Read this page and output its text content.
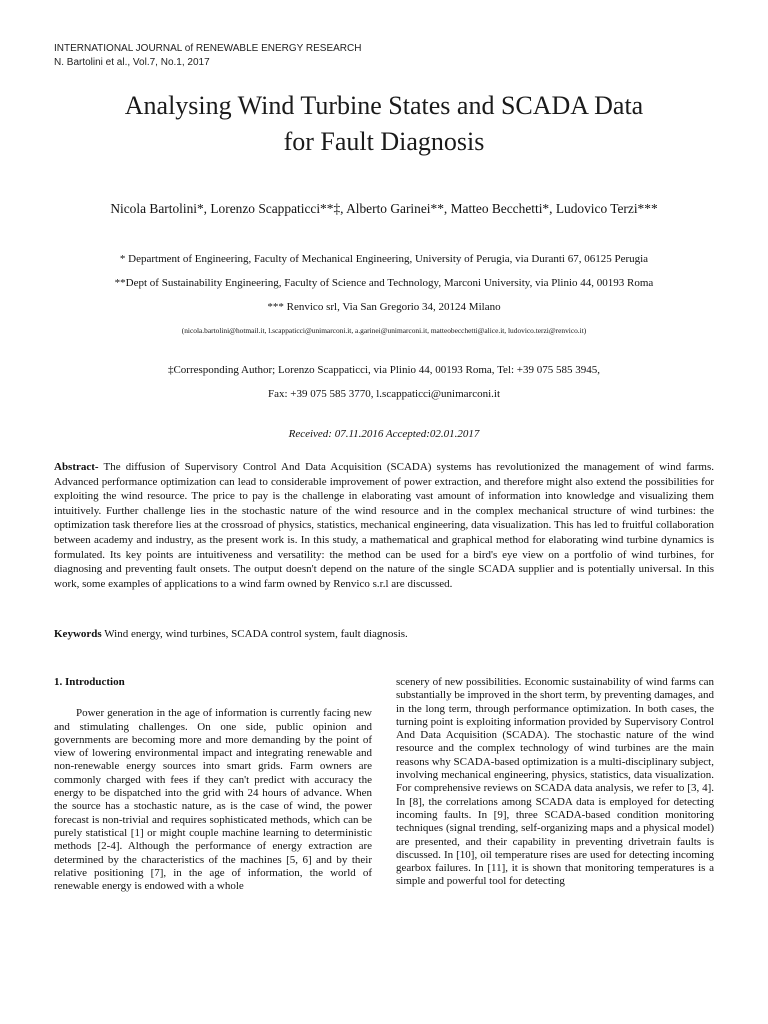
INTERNATIONAL JOURNAL of RENEWABLE ENERGY RESEARCH
N. Bartolini et al., Vol.7, No.1, 2017
Analysing Wind Turbine States and SCADA Data
for Fault Diagnosis
Nicola Bartolini*, Lorenzo Scappaticci**‡, Alberto Garinei**, Matteo Becchetti*, Ludovico Terzi***
* Department of Engineering, Faculty of Mechanical Engineering, University of Perugia, via Duranti 67, 06125 Perugia
**Dept of Sustainability Engineering, Faculty of Science and Technology, Marconi University, via Plinio 44, 00193 Roma
*** Renvico srl, Via San Gregorio 34, 20124 Milano
(nicola.bartolini@hotmail.it, l.scappaticci@unimarconi.it, a.garinei@unimarconi.it, matteobecchetti@alice.it, ludovico.terzi@renvico.it)
‡Corresponding Author; Lorenzo Scappaticci, via Plinio 44, 00193 Roma, Tel: +39 075 585 3945,
Fax: +39 075 585 3770, l.scappaticci@unimarconi.it
Received: 07.11.2016 Accepted:02.01.2017

Abstract- The diffusion of Supervisory Control And Data Acquisition (SCADA) systems has revolutionized the management of wind farms. Advanced performance optimization can lead to considerable improvement of power extraction, and therefore might also extend the possibilities for exploiting the wind resource. The price to pay is the challenge in elaborating vast amount of information into knowledge and visualizing them intuitively. Further challenge lies in the stochastic nature of the wind resource and in the complex mechanical structure of wind turbines: the optimization task therefore lies at the crossroad of physics, statistics, mechanical engineering, data visualization. This has led to fruitful collaboration between academy and industry, as the present work is. In this study, a mathematical and graphical method for elaborating wind turbine dynamics is formulated. Its key points are intuitiveness and versatility: the method can be used for a bird's eye view on a portfolio of wind turbines, for diagnosing and preventing fault onsets. The output doesn't depend on the nature of the single SCADA supplier and is potentially universal. In this work, some examples of applications to a wind farm owned by Renvico s.r.l are discussed.

Keywords Wind energy, wind turbines, SCADA control system, fault diagnosis.

1. Introduction

Power generation in the age of information is currently facing new and stimulating challenges. On one side, public opinion and governments are becoming more and more demanding by the point of view of lowering environmental impact and integrating renewable and non-renewable energy sources into smart grids. Farm owners are commonly charged with fees if they can't predict with accuracy the energy to be dispatched into the grid with 24 hours of advance. When the source has a stochastic nature, as is the case of wind, the power forecast is non-trivial and requires sophisticated methods, which can be purely statistical [1] or might couple machine learning to deterministic methods [2-4]. Although the performance of energy extraction are determined by the characteristics of the machines [5, 6] and by their relative positioning [7], in the age of information, the world of renewable energy is endowed with a whole

scenery of new possibilities. Economic sustainability of wind farms can substantially be improved in the short term, by preventing damages, and in the long term, through performance optimization. In both cases, the turning point is exploiting information provided by Supervisory Control And Data Acquisition (SCADA). The stochastic nature of the wind resource and the complex technology of wind turbines are the main reasons why SCADA-based optimization is a multi-disciplinary subject, involving mechanical engineering, physics, statistics, data visualization. For comprehensive reviews on SCADA data analysis, we refer to [3, 4]. In [8], the correlations among SCADA data is employed for detecting incoming faults. In [9], three SCADA-based condition monitoring techniques (signal trending, self-organizing maps and a physical model) are presented, and their capability in preventing drivetrain faults is discussed. In [10], oil temperature rises are used for detecting incoming gearbox failures. In [11], it is shown that monitoring temperatures is a simple and powerful tool for detecting
